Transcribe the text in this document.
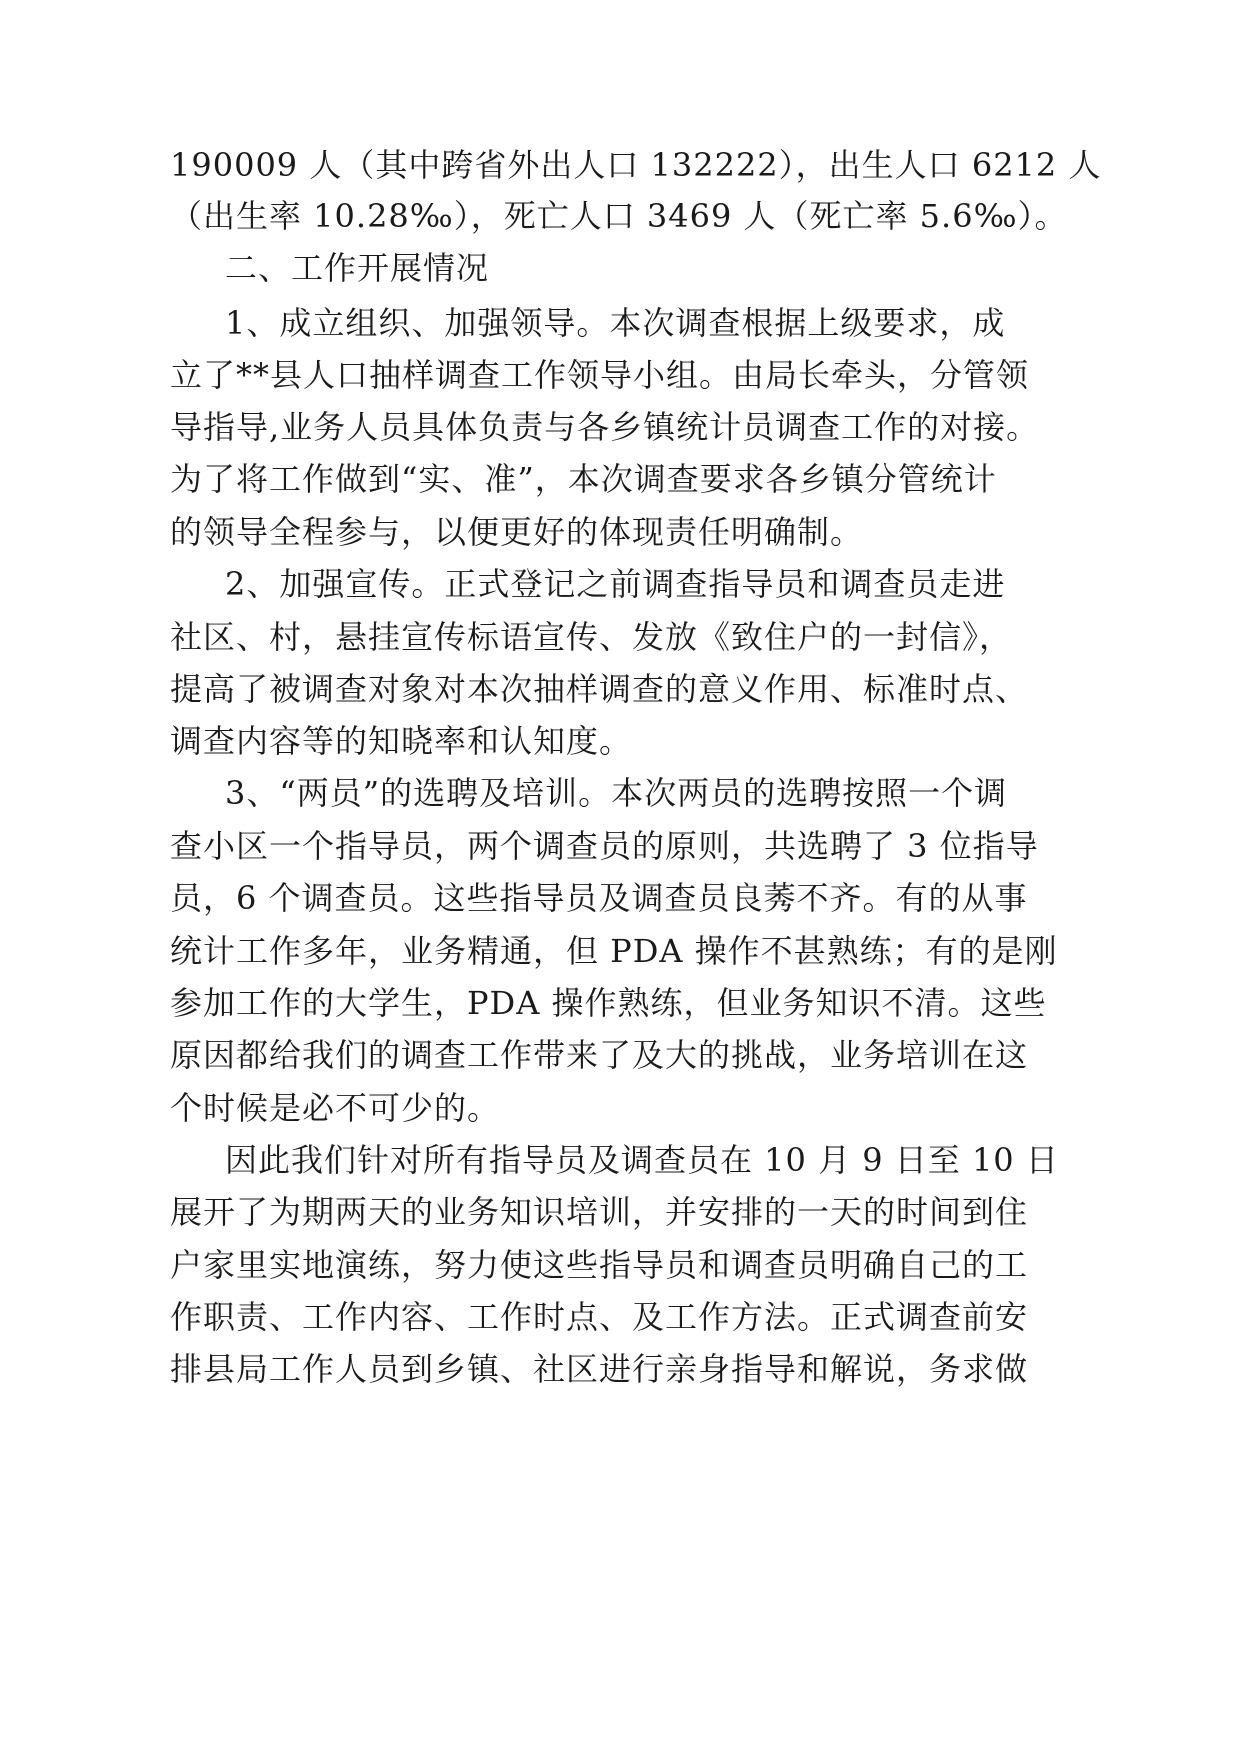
190009 人（其中跨省外出人口 132222），出生人口 6212 人
（出生率 10.28‰），死亡人口 3469 人（死亡率 5.6‰）。
二、工作开展情况
1、成立组织、加强领导。本次调查根据上级要求，成
立了**县人口抽样调查工作领导小组。由局长牵头，分管领
导指导,业务人员具体负责与各乡镇统计员调查工作的对接。
为了将工作做到“实、准”，本次调查要求各乡镇分管统计
的领导全程参与，以便更好的体现责任明确制。
2、加强宣传。正式登记之前调查指导员和调查员走进
社区、村，悬挂宣传标语宣传、发放《致住户的一封信》，
提高了被调查对象对本次抽样调查的意义作用、标准时点、
调查内容等的知晓率和认知度。
3、“两员”的选聘及培训。本次两员的选聘按照一个调
查小区一个指导员，两个调查员的原则，共选聘了 3 位指导
员，6 个调查员。这些指导员及调查员良莠不齐。有的从事
统计工作多年，业务精通，但 PDA 操作不甚熟练；有的是刚
参加工作的大学生，PDA 操作熟练，但业务知识不清。这些
原因都给我们的调查工作带来了及大的挑战，业务培训在这
个时候是必不可少的。
因此我们针对所有指导员及调查员在 10 月 9 日至 10 日
展开了为期两天的业务知识培训，并安排的一天的时间到住
户家里实地演练，努力使这些指导员和调查员明确自己的工
作职责、工作内容、工作时点、及工作方法。正式调查前安
排县局工作人员到乡镇、社区进行亲身指导和解说，务求做
